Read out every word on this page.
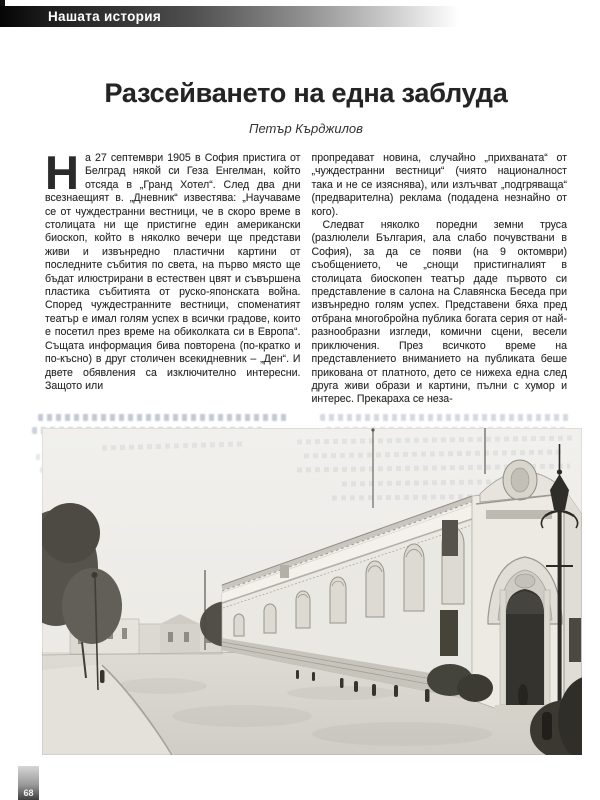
Нашата история
Разсейването на една заблуда
Петър Кърджилов

На 27 септември 1905 в София пристига от Белград някой си Геза Енгелман, който отсяда в „Гранд Хотел“. След два дни всезнаещият в. „Дневник“ известява: „Научаваме се от чуждестранни вестници, че в скоро време в столицата ни ще пристигне един американски биоскоп, който в няколко вечери ще представи живи и извънредно пластични картини от последните събития по света, на първо място ще бъдат илюстрирани в естествен цвят и съвършена пластика събитията от руско-японската война. Според чуждестранните вестници, споменатият театър е имал голям успех в всички градове, които е посетил през време на обиколката си в Европа“. Същата информация бива повторена (по-кратко и по-късно) в друг столичен всекидневник – „Ден“. И двете обявления са изключително интересни. Защото или

пропредават новина, случайно „прихваната“ от „чуждестранни вестници“ (чиято националност така и не се изяснява), или излъчват „подгряваща“ (предварителна) реклама (подадена незнайно от кого).

Следват няколко поредни земни труса (разлюлели България, ала слабо почувствани в София), за да се появи (на 9 октомври) съобщението, че „снощи пристигналият в столицата биоскопен театър даде първото си представление в салона на Славянска Беседа при извънредно голям успех. Представени бяха пред отбрана многобройна публика богата серия от най-разнообразни изгледи, комични сцени, весели приключения. През всичкото време на представлението вниманието на публиката беше прикована от платното, дето се нижеха една след друга живи образи и картини, пълни с хумор и интерес. Прекараха се неза-

68
